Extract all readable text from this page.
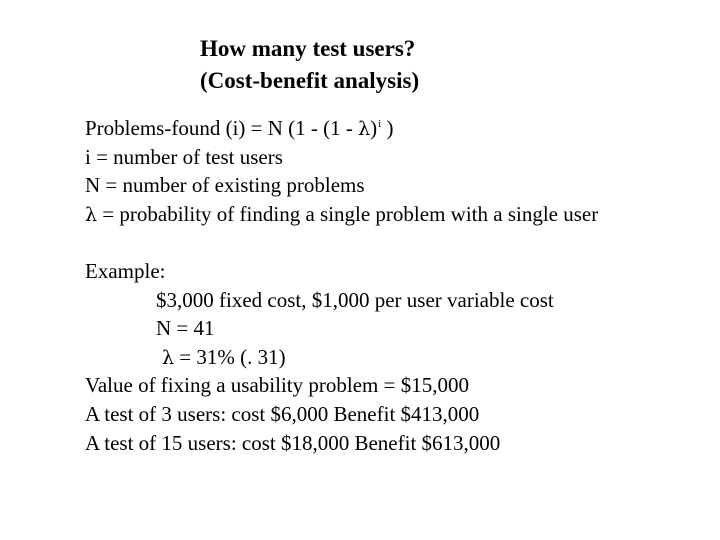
How many test users?
(Cost-benefit analysis)
Problems-found (i) = N (1 - (1 - λ)$^i$ )
i = number of test users
N = number of existing problems
λ = probability of finding a single problem with a single user
Example:
$3,000 fixed cost, $1,000 per user variable cost
N = 41
λ = 31% (. 31)
Value of fixing a usability problem = $15,000
A test of 3 users: cost $6,000 Benefit $413,000
A test of 15 users: cost $18,000 Benefit $613,000
